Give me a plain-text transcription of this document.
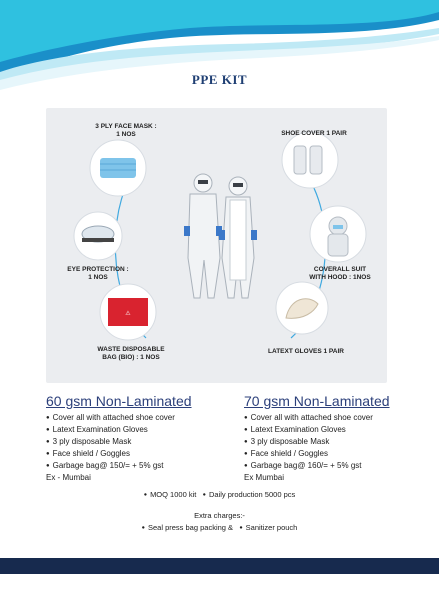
PPE KIT
⚠
3 PLY FACE MASK :
1 NOS	SHOE COVER 1 PAIR
EYE PROTECTION :
1 NOS
COVERALL SUIT
WITH HOOD : 1NOS
WASTE DISPOSABLE
BAG (BIO) : 1 NOS
LATEXT GLOVES 1 PAIR
60 gsm Non-Laminated
● Cover all with attached shoe cover
● Latext Examination Gloves
● 3 ply disposable Mask
● Face shield / Goggles
● Garbage bag@ 150/= + 5% gst
Ex - Mumbai
70 gsm Non-Laminated
● Cover all with attached shoe cover
● Latext Examination Gloves
● 3 ply disposable Mask
● Face shield / Goggles
● Garbage bag@ 160/= + 5% gst
Ex Mumbai
● MOQ 1000 kit ● Daily production 5000 pcs
Extra charges:-
● Seal press bag packing & ● Sanitizer pouch
